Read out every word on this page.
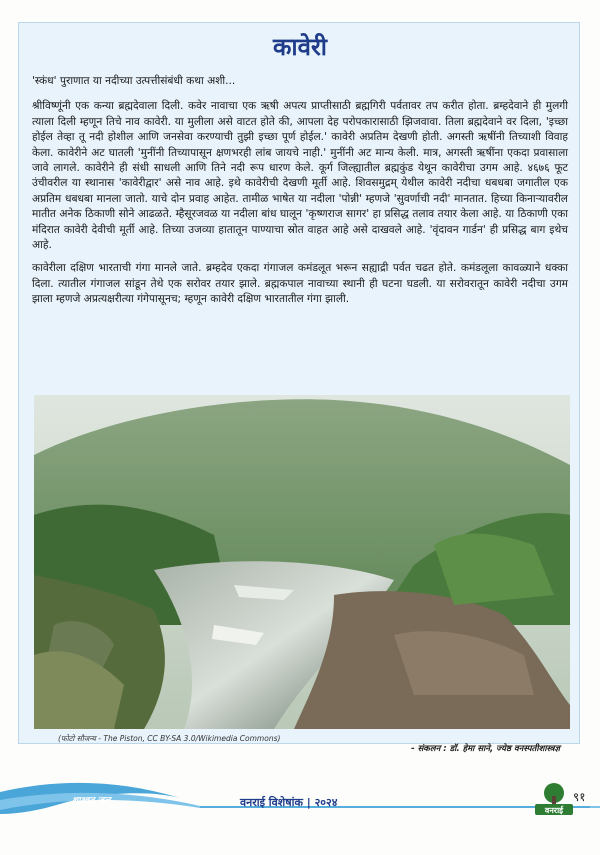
कावेरी

'स्कंध' पुराणात या नदीच्या उत्पत्तीसंबंधी कथा अशी...

श्रीविष्णूंनी एक कन्या ब्रह्मदेवाला दिली. कवेर नावाचा एक ऋषी अपत्य प्राप्तीसाठी ब्रह्मगिरी पर्वतावर तप करीत होता. ब्रम्हदेवाने ही मुलगी त्याला दिली म्हणून तिचे नाव कावेरी. या मुलीला असे वाटत होते की, आपला देह परोपकारासाठी झिजवावा. तिला ब्रह्मदेवाने वर दिला, 'इच्छा होईल तेव्हा तू नदी होशील आणि जनसेवा करण्याची तुझी इच्छा पूर्ण होईल.' कावेरी अप्रतिम देखणी होती. अगस्ती ऋषींनी तिच्याशी विवाह केला. कावेरीने अट घातली 'मुनींनी तिच्यापासून क्षणभरही लांब जायचे नाही.' मुनींनी अट मान्य केली. मात्र, अगस्ती ऋषींना एकदा प्रवासाला जावे लागले. कावेरीने ही संधी साधली आणि तिने नदी रूप धारण केले. कूर्ग जिल्ह्यातील ब्रह्मकुंड येथून कावेरीचा उगम आहे. ४६७६ फूट उंचीवरील या स्थानास 'कावेरीद्वार' असे नाव आहे. इथे कावेरीची देखणी मूर्ती आहे. शिवसमुद्रम् येथील कावेरी नदीचा धबधबा जगातील एक अप्रतिम धबधबा मानला जातो. याचे दोन प्रवाह आहेत. तामीळ भाषेत या नदीला 'पोन्नी' म्हणजे 'सुवर्णाची नदी' मानतात. हिच्या किनाऱ्यावरील मातीत अनेक ठिकाणी सोने आढळते. म्हैसूरजवळ या नदीला बांध घालून 'कृष्णराज सागर' हा प्रसिद्ध तलाव तयार केला आहे. या ठिकाणी एका मंदिरात कावेरी देवीची मूर्ती आहे. तिच्या उजव्या हातातून पाण्याचा स्रोत वाहत आहे असे दाखवले आहे. 'वृंदावन गार्डन' ही प्रसिद्ध बाग इथेच आहे.

कावेरीला दक्षिण भारताची गंगा मानले जाते. ब्रम्हदेव एकदा गंगाजल कमंडलूत भरून सह्याद्री पर्वत चढत होते. कमंडलूला कावळ्याने धक्का दिला. त्यातील गंगाजल सांडून तेथे एक सरोवर तयार झाले. ब्रह्मकपाल नावाच्या स्थानी ही घटना घडली. या सरोवरातून कावेरी नदीचा उगम झाला म्हणजे अप्रत्यक्षरीत्या गंगेपासूनच; म्हणून कावेरी दक्षिण भारतातील गंगा झाली.

(फोटो सौजन्य - The Piston, CC BY-SA 3.0/Wikimedia Commons)
- संकलन : डॉ. हेमा साने, ज्येष्ठ वनस्पतीशास्त्रज्ञ
शाश्वत जल	वनराई विशेषांक | २०२४
वनराई
९१
